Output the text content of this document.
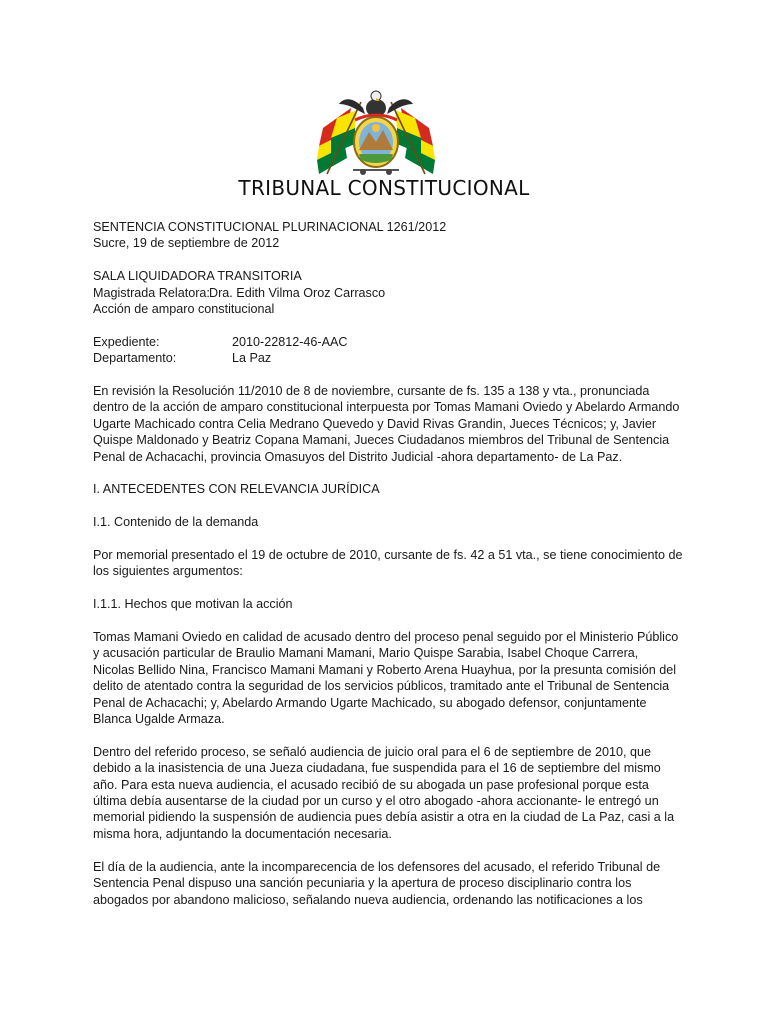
TRIBUNAL CONSTITUCIONAL

SENTENCIA CONSTITUCIONAL PLURINACIONAL 1261/2012

Sucre, 19 de septiembre de 2012

SALA LIQUIDADORA TRANSITORIA

Magistrada Relatora: Dra. Edith Vilma Oroz Carrasco

Acción de amparo constitucional

Expediente:	2010-22812-46-AAC
Departamento:	La Paz

En revisión la Resolución 11/2010 de 8 de noviembre, cursante de fs. 135 a 138 y vta., pronunciada dentro de la acción de amparo constitucional interpuesta por Tomas Mamani Oviedo y Abelardo Armando Ugarte Machicado contra Celia Medrano Quevedo y David Rivas Grandin, Jueces Técnicos; y, Javier Quispe Maldonado y Beatriz Copana Mamani, Jueces Ciudadanos miembros del Tribunal de Sentencia Penal de Achacachi, provincia Omasuyos del Distrito Judicial -ahora departamento- de La Paz.

I. ANTECEDENTES CON RELEVANCIA JURÍDICA

I.1. Contenido de la demanda

Por memorial presentado el 19 de octubre de 2010, cursante de fs. 42 a 51 vta., se tiene conocimiento de los siguientes argumentos:

I.1.1. Hechos que motivan la acción

Tomas Mamani Oviedo en calidad de acusado dentro del proceso penal seguido por el Ministerio Público y acusación particular de Braulio Mamani Mamani, Mario Quispe Sarabia, Isabel Choque Carrera, Nicolas Bellido Nina, Francisco Mamani Mamani y Roberto Arena Huayhua, por la presunta comisión del delito de atentado contra la seguridad de los servicios públicos, tramitado ante el Tribunal de Sentencia Penal de Achacachi; y, Abelardo Armando Ugarte Machicado, su abogado defensor, conjuntamente Blanca Ugalde Armaza.

Dentro del referido proceso, se señaló audiencia de juicio oral para el 6 de septiembre de 2010, que debido a la inasistencia de una Jueza ciudadana, fue suspendida para el 16 de septiembre del mismo año. Para esta nueva audiencia, el acusado recibió de su abogada un pase profesional porque esta última debía ausentarse de la ciudad por un curso y el otro abogado -ahora accionante- le entregó un memorial pidiendo la suspensión de audiencia pues debía asistir a otra en la ciudad de La Paz, casi a la misma hora, adjuntando la documentación necesaria.

El día de la audiencia, ante la incomparecencia de los defensores del acusado, el referido Tribunal de Sentencia Penal dispuso una sanción pecuniaria y la apertura de proceso disciplinario contra los abogados por abandono malicioso, señalando nueva audiencia, ordenando las notificaciones a los
